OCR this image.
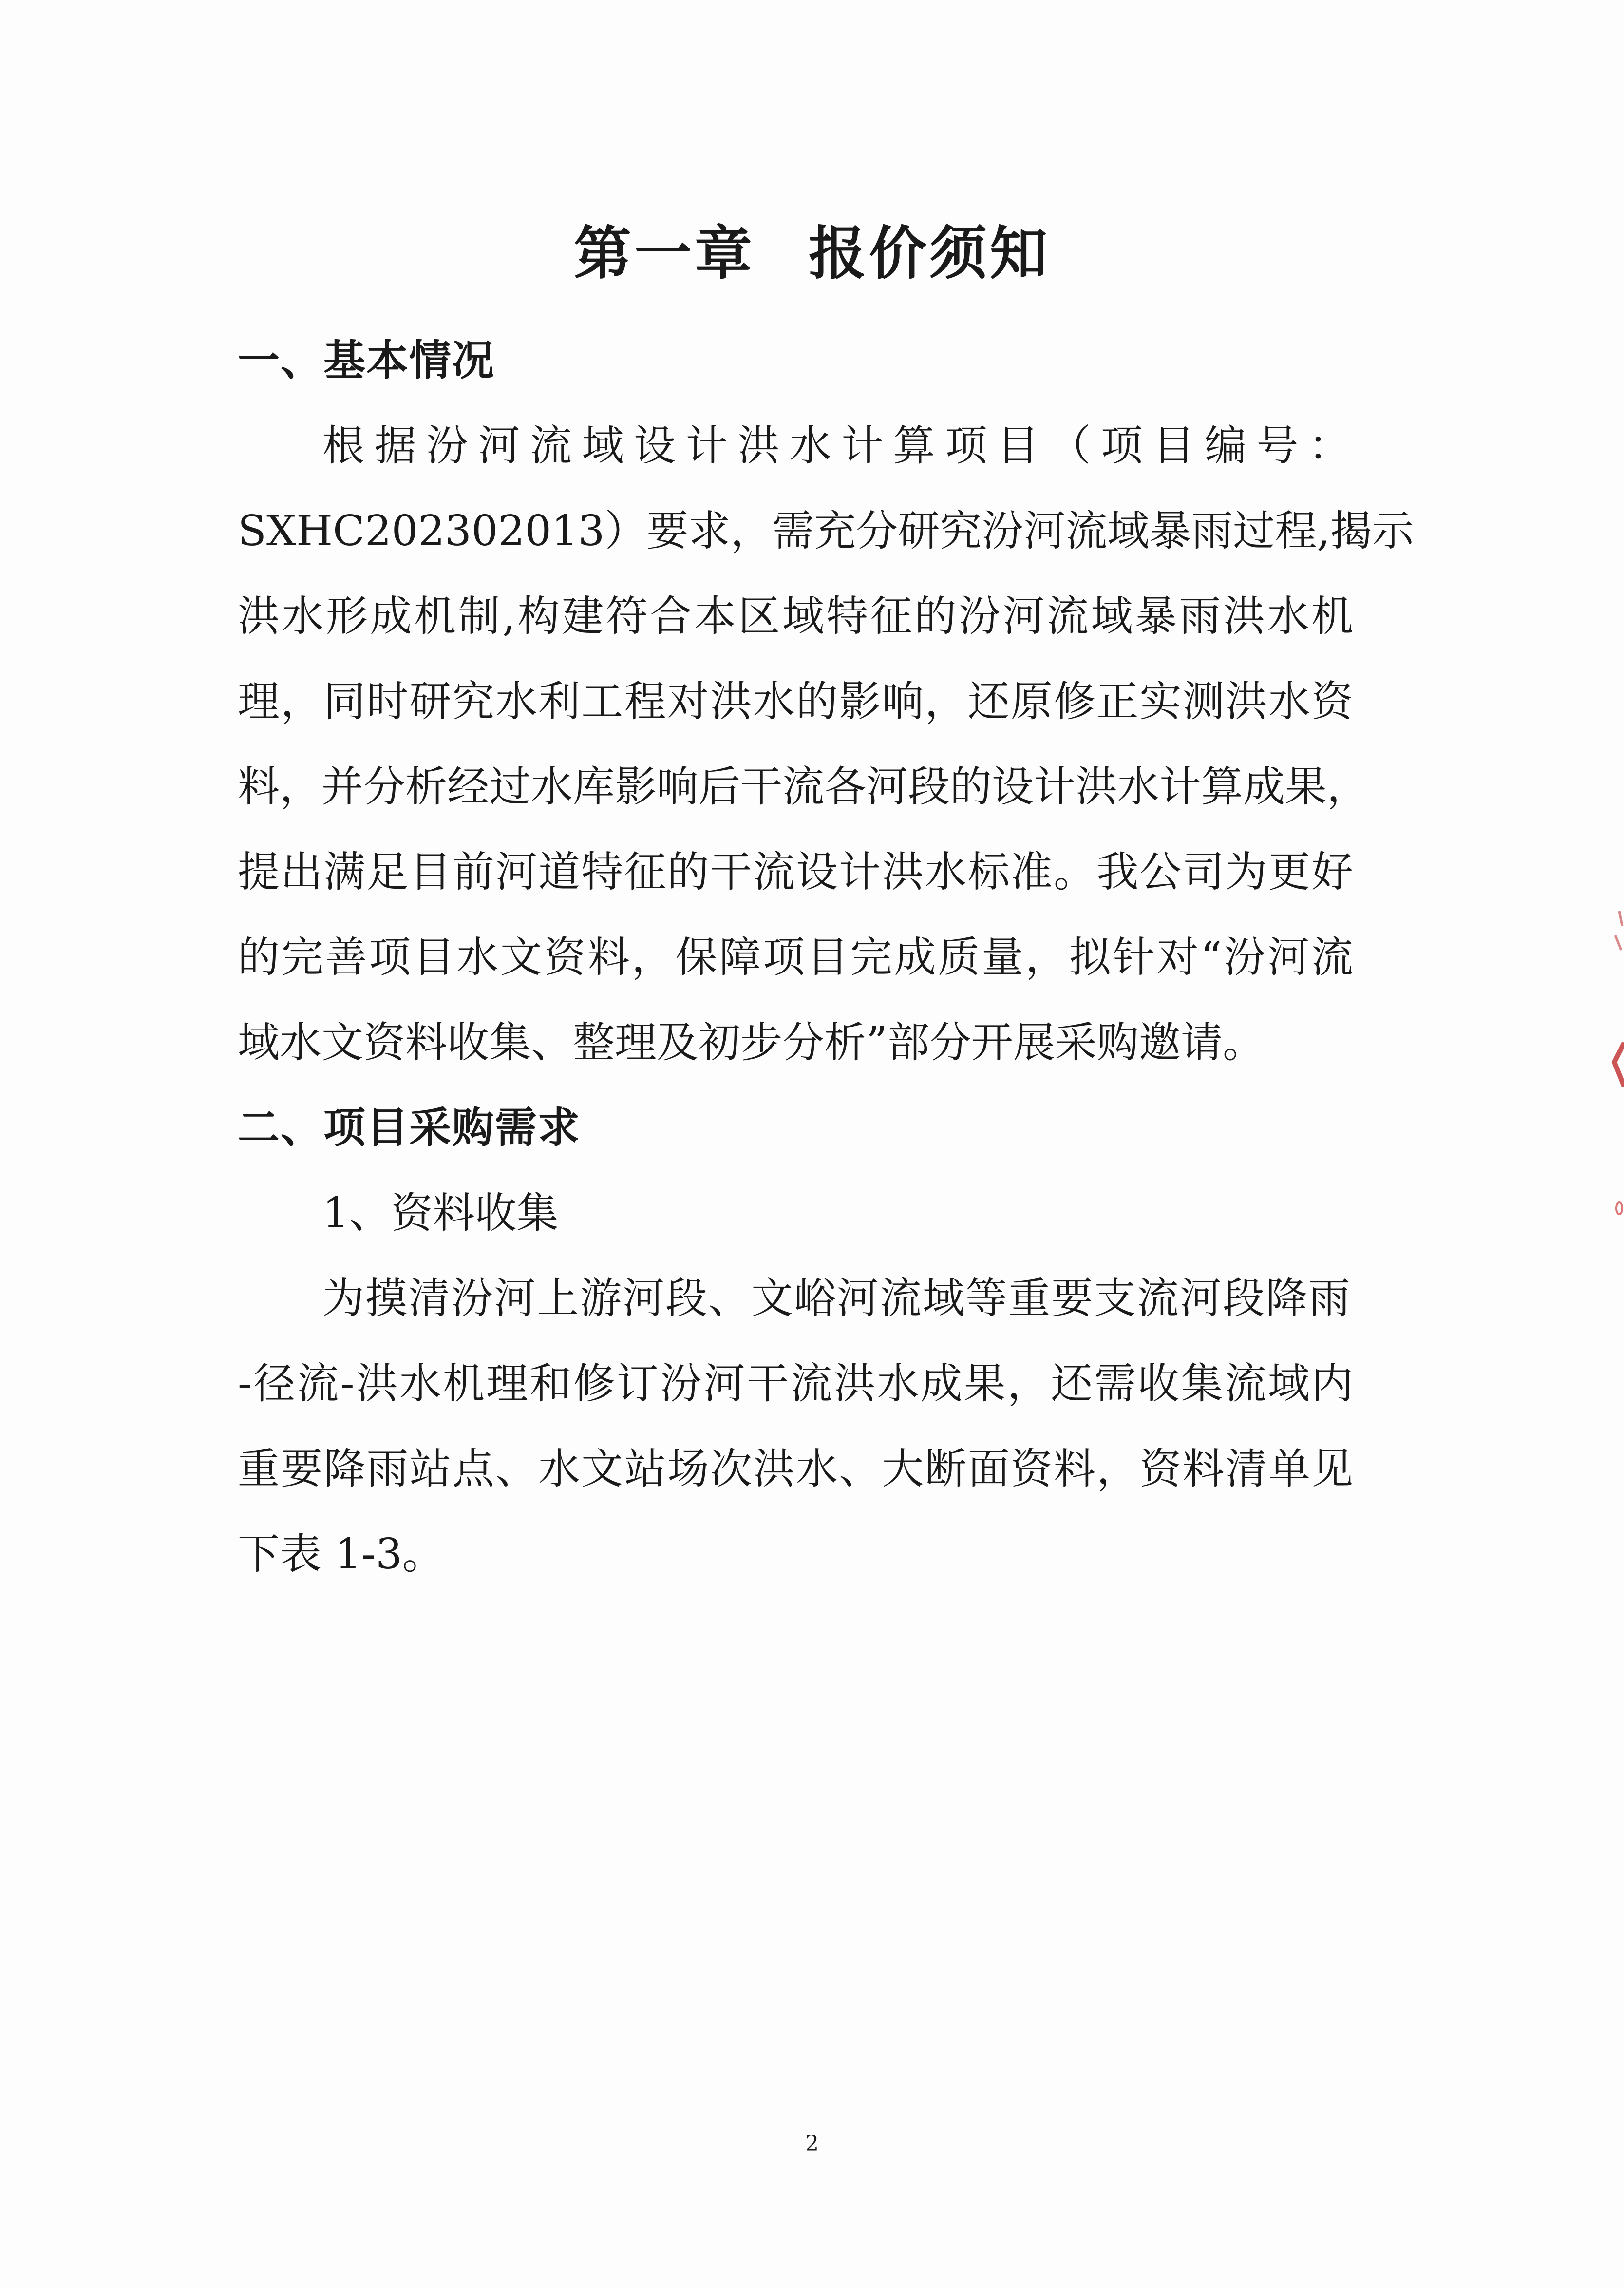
第一章 报价须知
一、基本情况
根据汾河流域设计洪水计算项目（项目编号：
SXHC202302013）要求，需充分研究汾河流域暴雨过程,揭示
洪水形成机制,构建符合本区域特征的汾河流域暴雨洪水机
理，同时研究水利工程对洪水的影响，还原修正实测洪水资
料，并分析经过水库影响后干流各河段的设计洪水计算成果，
提出满足目前河道特征的干流设计洪水标准。我公司为更好
的完善项目水文资料，保障项目完成质量，拟针对“汾河流
域水文资料收集、整理及初步分析”部分开展采购邀请。
二、项目采购需求
1、资料收集
为摸清汾河上游河段、文峪河流域等重要支流河段降雨
-径流-洪水机理和修订汾河干流洪水成果，还需收集流域内
重要降雨站点、水文站场次洪水、大断面资料，资料清单见
下表 1-3。
2
